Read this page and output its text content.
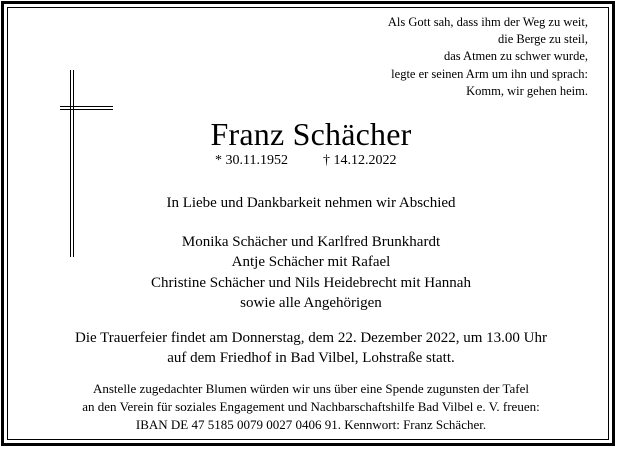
Als Gott sah, dass ihm der Weg zu weit,
die Berge zu steil,
das Atmen zu schwer wurde,
legte er seinen Arm um ihn und sprach:
Komm, wir gehen heim.
Franz Schächer
* 30.11.1952	† 14.12.2022
In Liebe und Dankbarkeit nehmen wir Abschied
Monika Schächer und Karlfred Brunkhardt
Antje Schächer mit Rafael
Christine Schächer und Nils Heidebrecht mit Hannah
sowie alle Angehörigen
Die Trauerfeier findet am Donnerstag, dem 22. Dezember 2022, um 13.00 Uhr
auf dem Friedhof in Bad Vilbel, Lohstraße statt.
Anstelle zugedachter Blumen würden wir uns über eine Spende zugunsten der Tafel
an den Verein für soziales Engagement und Nachbarschaftshilfe Bad Vilbel e. V. freuen:
IBAN DE 47 5185 0079 0027 0406 91. Kennwort: Franz Schächer.
